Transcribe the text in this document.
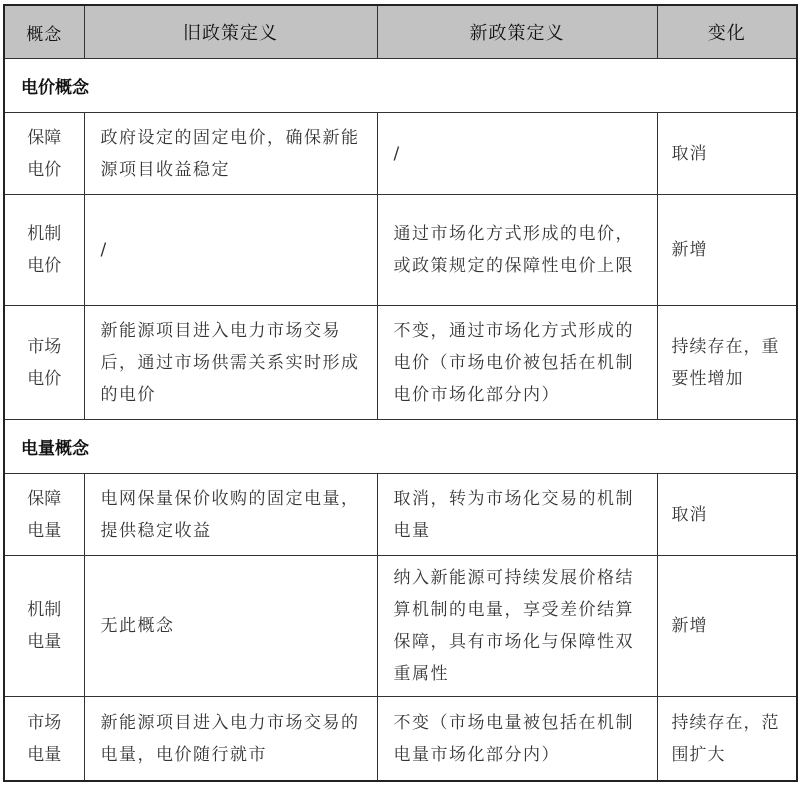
概念	旧政策定义	新政策定义	变化
电价概念			

保障
电价	政府设定的固定电价，确保新能源项目收益稳定	/	取消

机制
电价	/	通过市场化方式形成的电价，或政策规定的保障性电价上限	新增

市场
电价	新能源项目进入电力市场交易后，通过市场供需关系实时形成的电价	不变，通过市场化方式形成的电价（市场电价被包括在机制电价市场化部分内）	持续存在，重要性增加
电量概念			

保障
电量	电网保量保价收购的固定电量，提供稳定收益	取消，转为市场化交易的机制电量	取消

机制
电量	无此概念	纳入新能源可持续发展价格结算机制的电量，享受差价结算保障，具有市场化与保障性双重属性	新增

市场
电量	新能源项目进入电力市场交易的电量，电价随行就市	不变（市场电量被包括在机制电量市场化部分内）	持续存在，范围扩大
